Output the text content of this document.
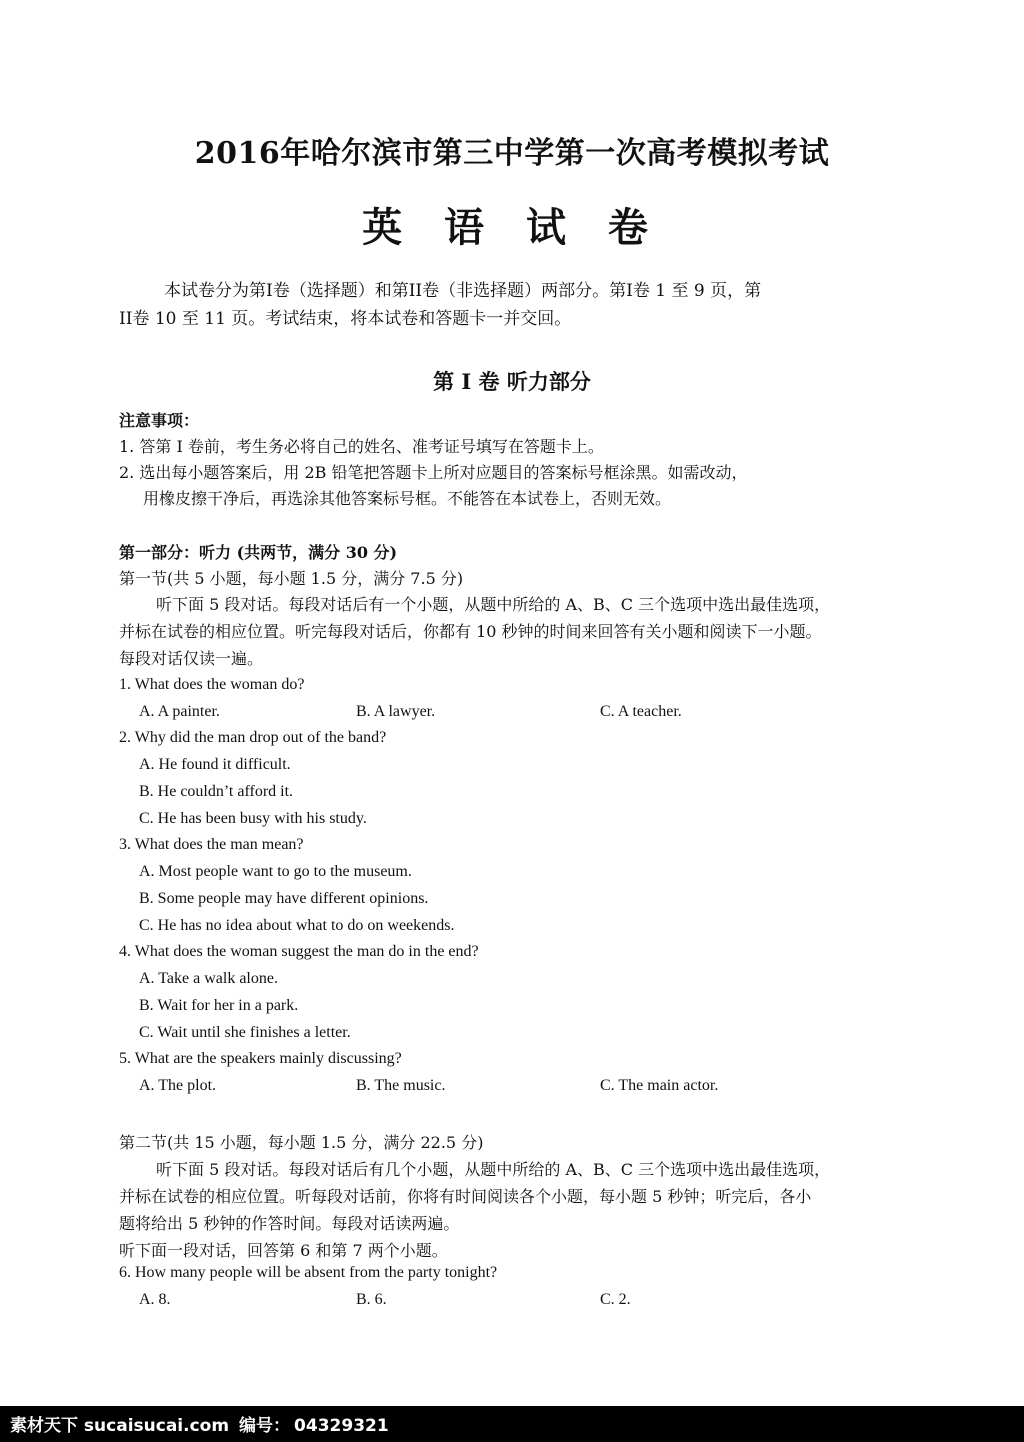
2016年哈尔滨市第三中学第一次高考模拟考试
英 语 试 卷
本试卷分为第I卷（选择题）和第II卷（非选择题）两部分。第I卷 1 至 9 页，第
II卷 10 至 11 页。考试结束，将本试卷和答题卡一并交回。
第 I 卷 听力部分
注意事项：
1. 答第 I 卷前，考生务必将自己的姓名、准考证号填写在答题卡上。
2. 选出每小题答案后，用 2B 铅笔把答题卡上所对应题目的答案标号框涂黑。如需改动，
用橡皮擦干净后，再选涂其他答案标号框。不能答在本试卷上，否则无效。
第一部分：听力 (共两节，满分 30 分)
第一节(共 5 小题，每小题 1.5 分，满分 7.5 分)
听下面 5 段对话。每段对话后有一个小题，从题中所给的 A、B、C 三个选项中选出最佳选项，
并标在试卷的相应位置。听完每段对话后，你都有 10 秒钟的时间来回答有关小题和阅读下一小题。
每段对话仅读一遍。
1. What does the woman do?
A. A painter.	B. A lawyer.	C. A teacher.
2. Why did the man drop out of the band?
A. He found it difficult.
B. He couldn’t afford it.
C. He has been busy with his study.
3. What does the man mean?
A. Most people want to go to the museum.
B. Some people may have different opinions.
C. He has no idea about what to do on weekends.
4. What does the woman suggest the man do in the end?
A. Take a walk alone.
B. Wait for her in a park.
C. Wait until she finishes a letter.
5. What are the speakers mainly discussing?
A. The plot.	B. The music.	C. The main actor.
第二节(共 15 小题，每小题 1.5 分，满分 22.5 分)
听下面 5 段对话。每段对话后有几个小题，从题中所给的 A、B、C 三个选项中选出最佳选项，
并标在试卷的相应位置。听每段对话前，你将有时间阅读各个小题，每小题 5 秒钟；听完后，各小
题将给出 5 秒钟的作答时间。每段对话读两遍。
听下面一段对话，回答第 6 和第 7 两个小题。
6. How many people will be absent from the party tonight?
A. 8.	B. 6.	C. 2.
素材天下 sucaisucai.com 编号： 04329321
